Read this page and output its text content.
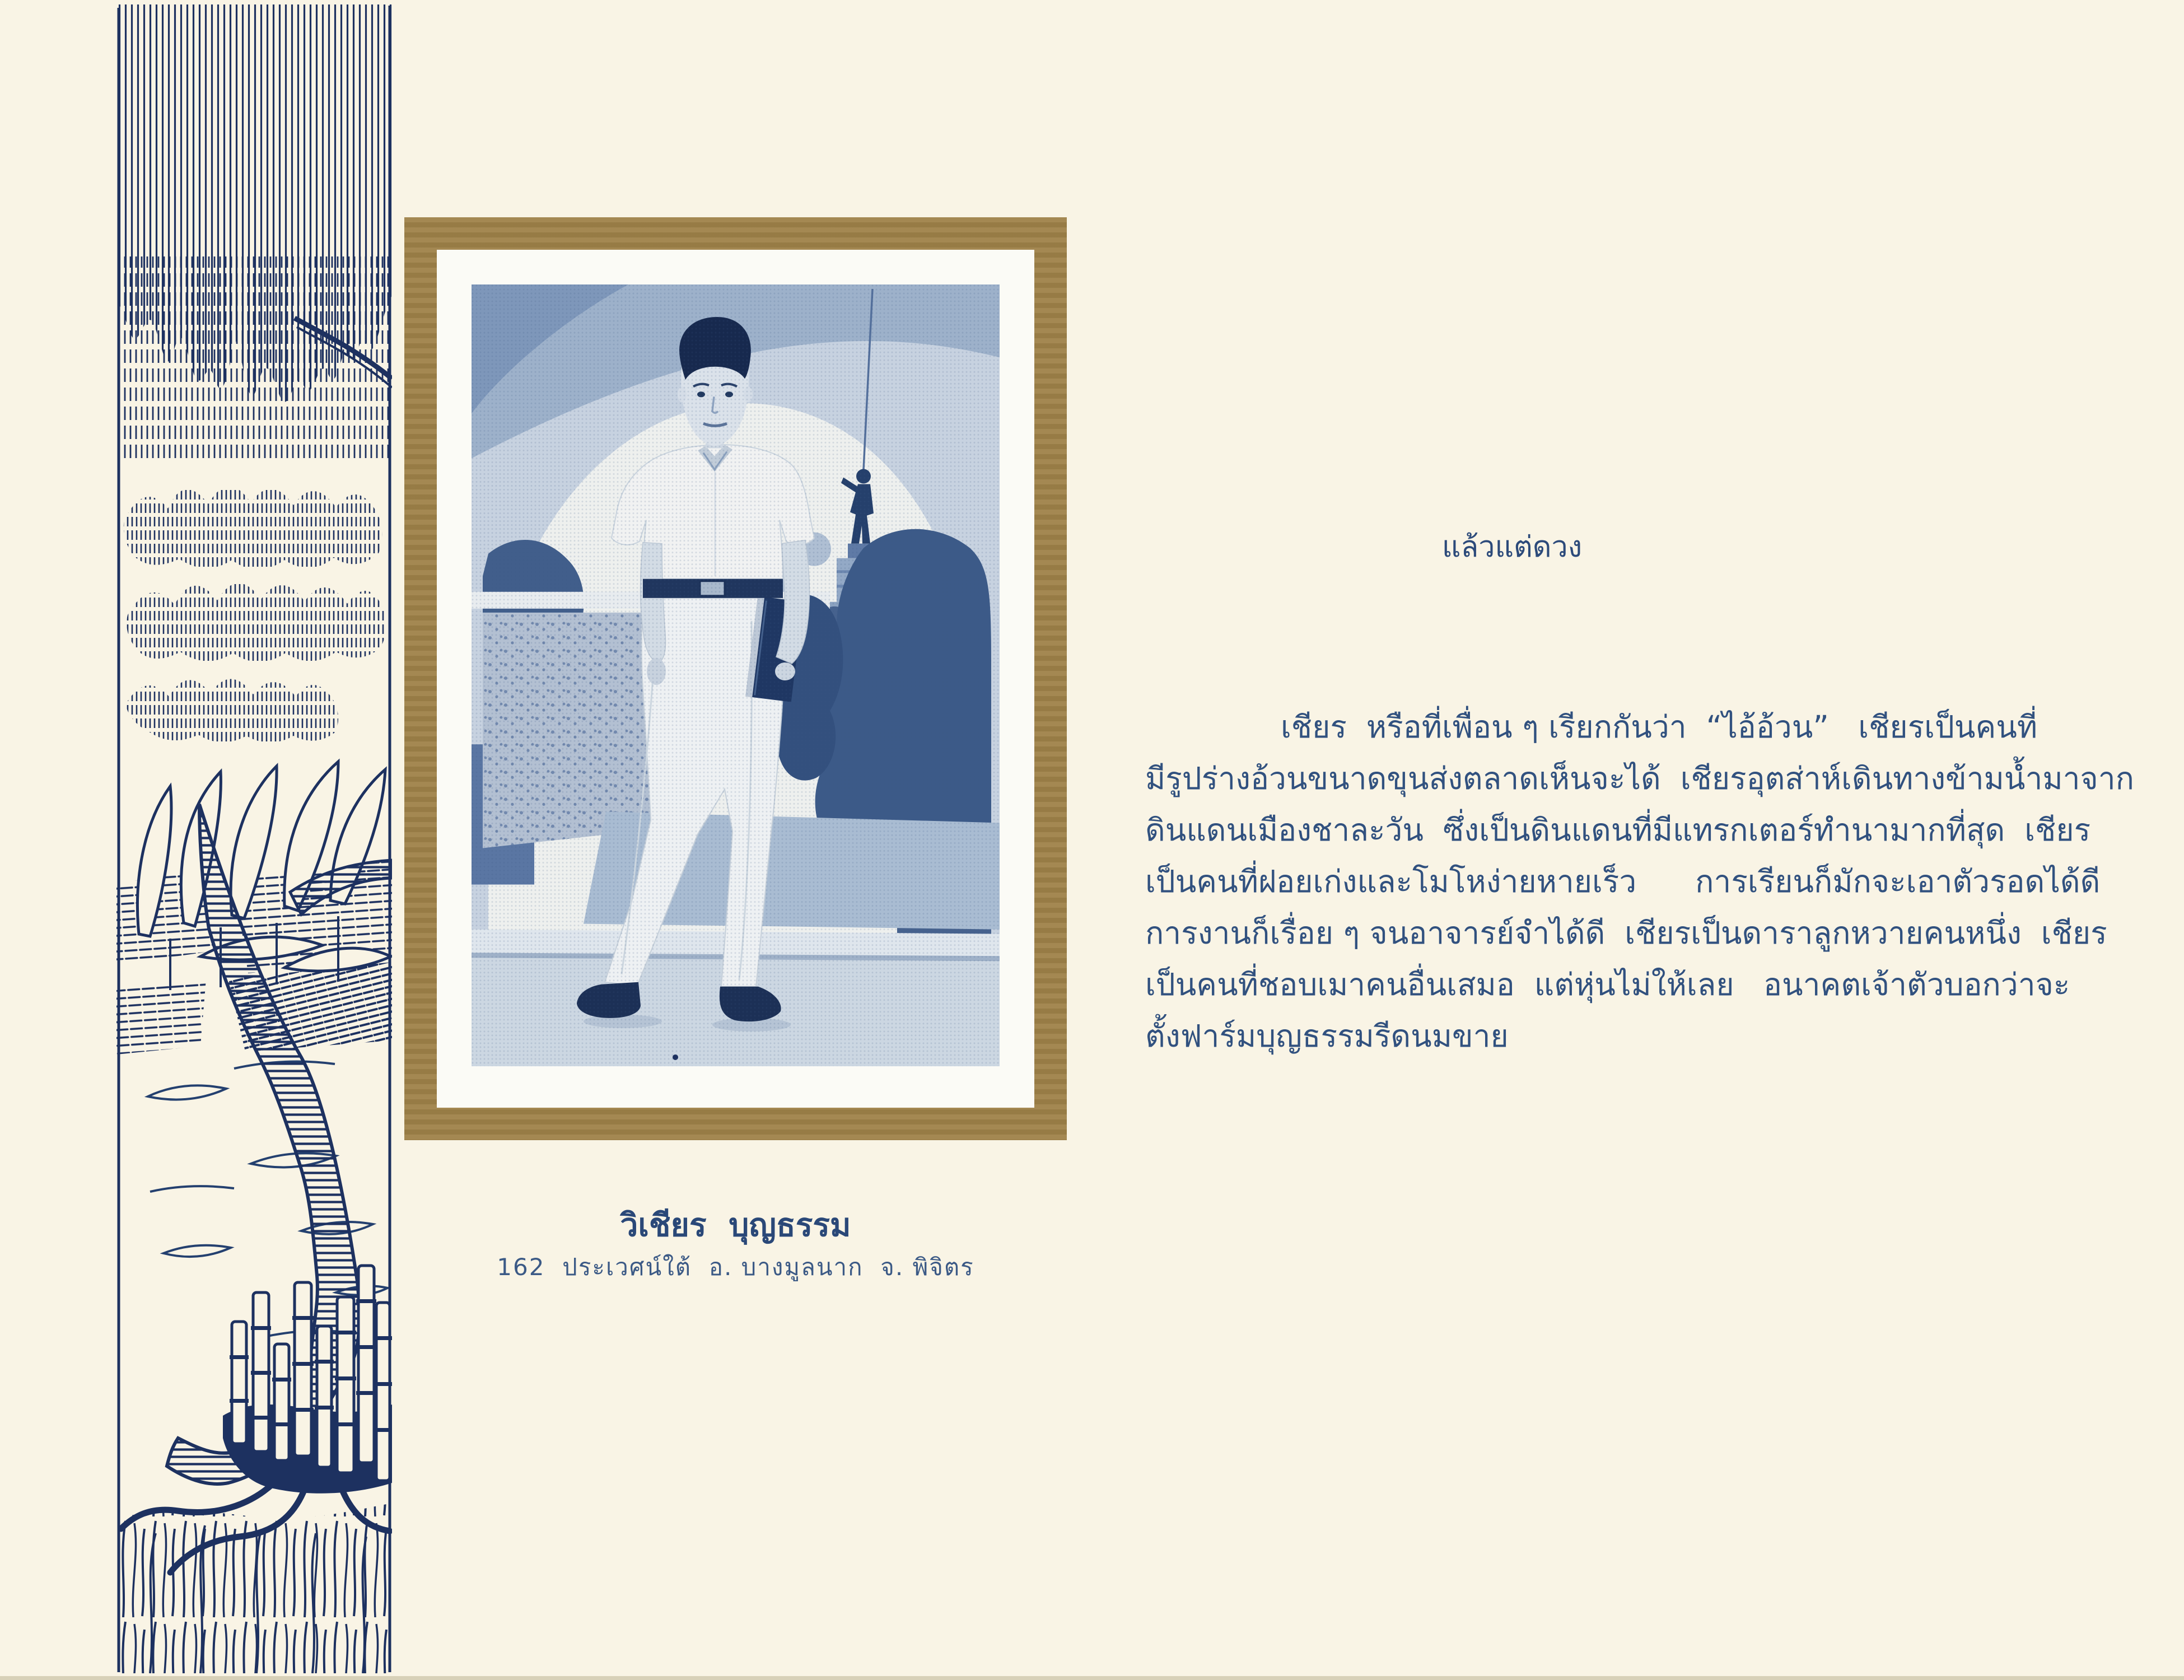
วิเชียร  บุญธรรม
162  ประเวศน์ใต้  อ. บางมูลนาก  จ. พิจิตร
แล้วแต่ดวง
เชียร  หรือที่เพื่อน ๆ เรียกกันว่า  “ไอ้อ้วน”   เชียรเป็นคนที่
มีรูปร่างอ้วนขนาดขุนส่งตลาดเห็นจะได้  เชียรอุตส่าห์เดินทางข้ามน้ำมาจาก
ดินแดนเมืองชาละวัน  ซึ่งเป็นดินแดนที่มีแทรกเตอร์ทำนามากที่สุด  เชียร
เป็นคนที่ฝอยเก่งและโมโหง่ายหายเร็ว      การเรียนก็มักจะเอาตัวรอดได้ดี
การงานก็เรื่อย ๆ จนอาจารย์จำได้ดี  เชียรเป็นดาราลูกหวายคนหนึ่ง  เชียร
เป็นคนที่ชอบเมาคนอื่นเสมอ  แต่หุ่นไม่ให้เลย   อนาคตเจ้าตัวบอกว่าจะ
ตั้งฟาร์มบุญธรรมรีดนมขาย
